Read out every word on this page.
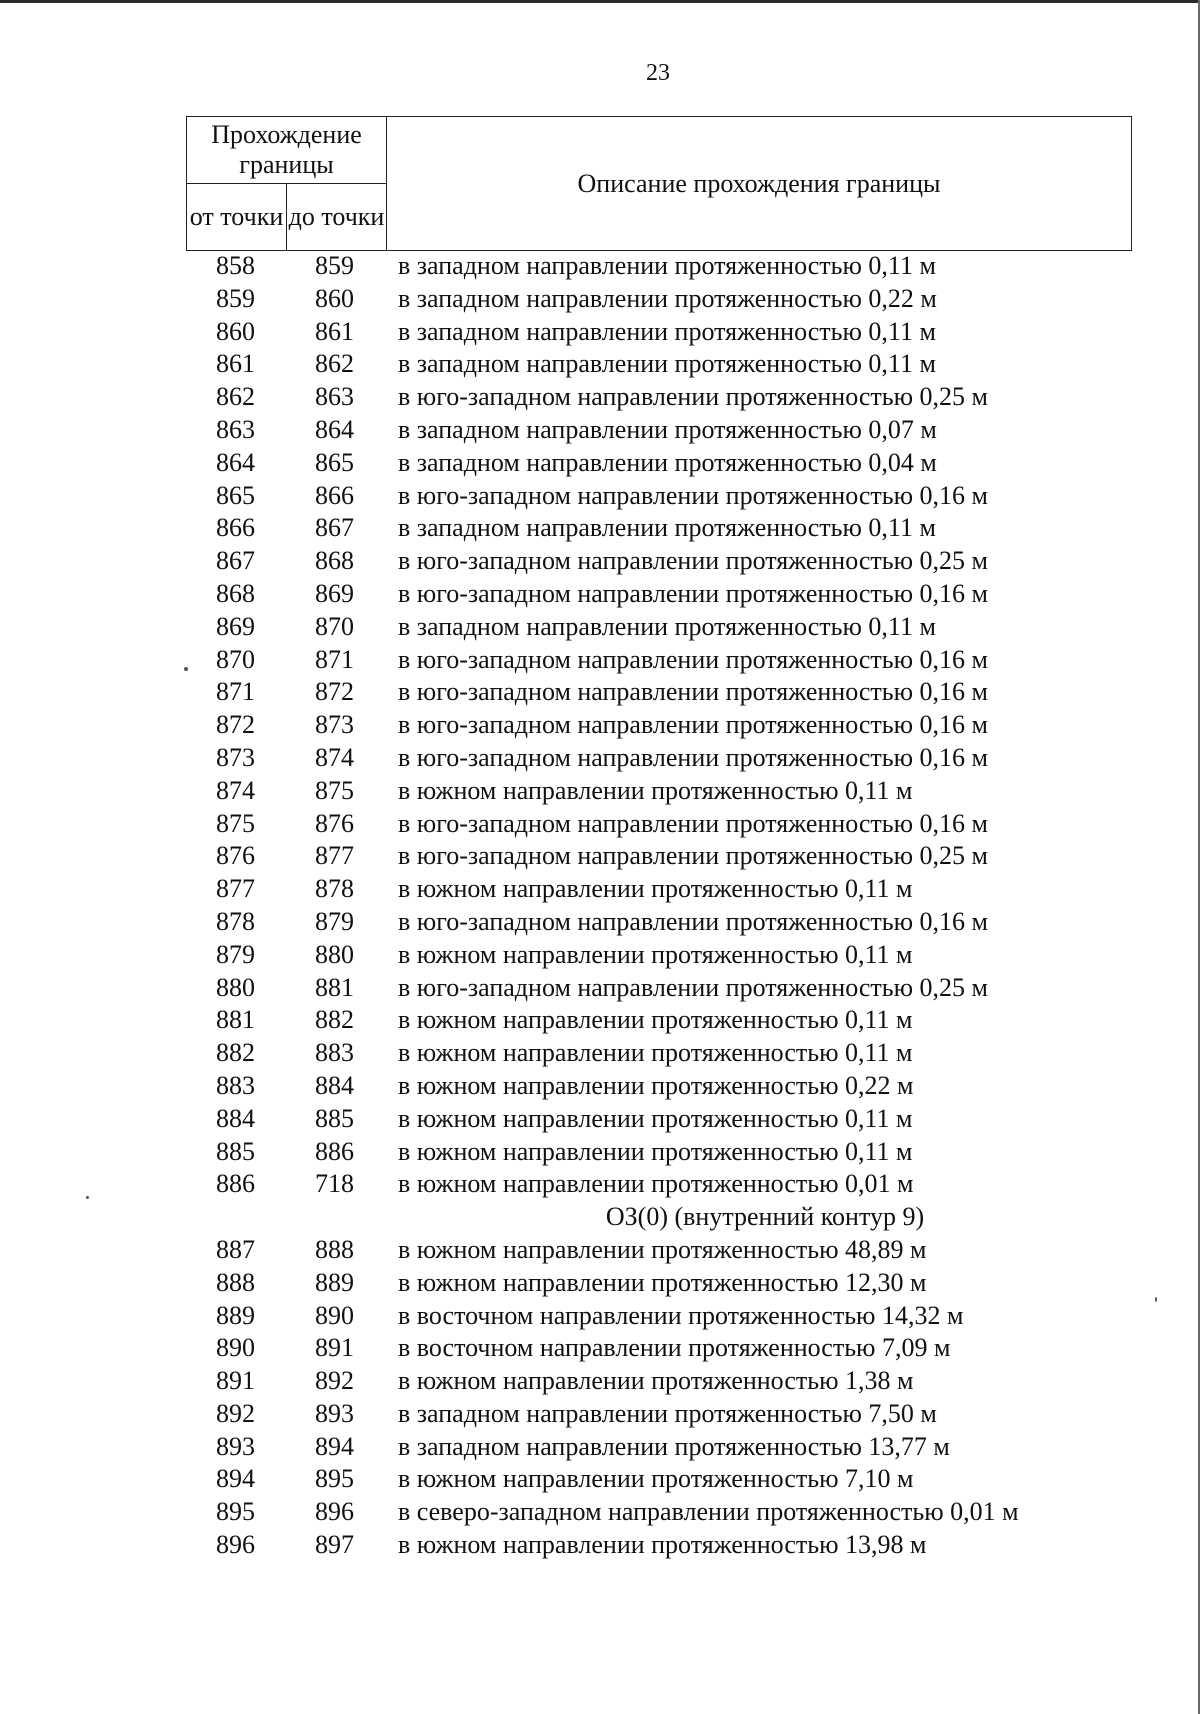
23
Прохождение границы		Описание прохождения границы
от точки	до точки	
858	859	в западном направлении протяженностью 0,11 м
859	860	в западном направлении протяженностью 0,22 м
860	861	в западном направлении протяженностью 0,11 м
861	862	в западном направлении протяженностью 0,11 м
862	863	в юго-западном направлении протяженностью 0,25 м
863	864	в западном направлении протяженностью 0,07 м
864	865	в западном направлении протяженностью 0,04 м
865	866	в юго-западном направлении протяженностью 0,16 м
866	867	в западном направлении протяженностью 0,11 м
867	868	в юго-западном направлении протяженностью 0,25 м
868	869	в юго-западном направлении протяженностью 0,16 м
869	870	в западном направлении протяженностью 0,11 м
870	871	в юго-западном направлении протяженностью 0,16 м
871	872	в юго-западном направлении протяженностью 0,16 м
872	873	в юго-западном направлении протяженностью 0,16 м
873	874	в юго-западном направлении протяженностью 0,16 м
874	875	в южном направлении протяженностью 0,11 м
875	876	в юго-западном направлении протяженностью 0,16 м
876	877	в юго-западном направлении протяженностью 0,25 м
877	878	в южном направлении протяженностью 0,11 м
878	879	в юго-западном направлении протяженностью 0,16 м
879	880	в южном направлении протяженностью 0,11 м
880	881	в юго-западном направлении протяженностью 0,25 м
881	882	в южном направлении протяженностью 0,11 м
882	883	в южном направлении протяженностью 0,11 м
883	884	в южном направлении протяженностью 0,22 м
884	885	в южном направлении протяженностью 0,11 м
885	886	в южном направлении протяженностью 0,11 м
886	718	в южном направлении протяженностью 0,01 м
ОЗ(0) (внутренний контур 9)
887	888	в южном направлении протяженностью 48,89 м
888	889	в южном направлении протяженностью 12,30 м
889	890	в восточном направлении протяженностью 14,32 м
890	891	в восточном направлении протяженностью 7,09 м
891	892	в южном направлении протяженностью 1,38 м
892	893	в западном направлении протяженностью 7,50 м
893	894	в западном направлении протяженностью 13,77 м
894	895	в южном направлении протяженностью 7,10 м
895	896	в северо-западном направлении протяженностью 0,01 м
896	897	в южном направлении протяженностью 13,98 м
